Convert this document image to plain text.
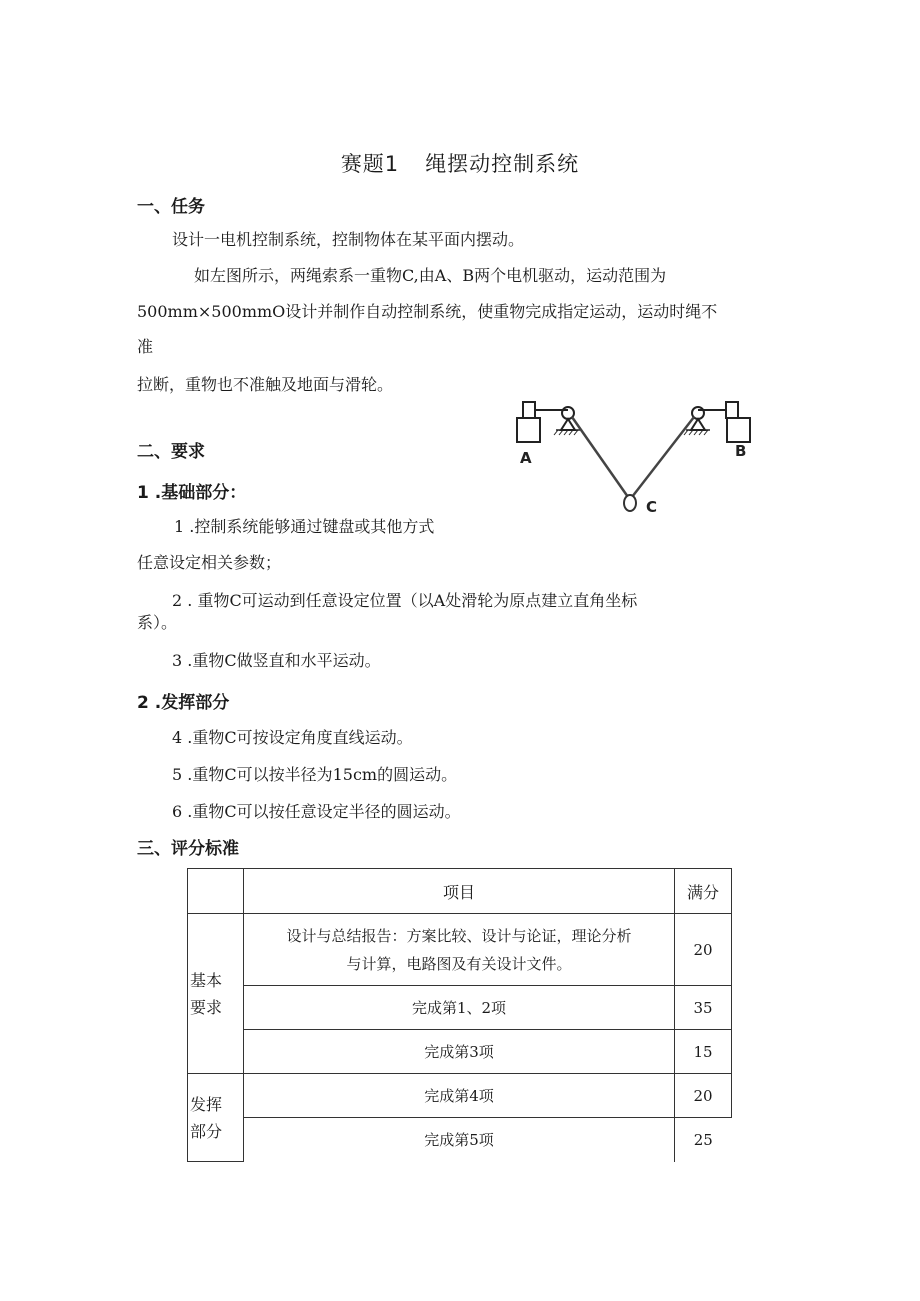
赛题1 绳摆动控制系统
一、任务
设计一电机控制系统，控制物体在某平面内摆动。
如左图所示，两绳索系一重物C,由A、B两个电机驱动，运动范围为
500mm×500mmO设计并制作自动控制系统，使重物完成指定运动，运动时绳不
准
拉断，重物也不准触及地面与滑轮。
A	B
C
二、要求
1 .基础部分：
1 .控制系统能够通过键盘或其他方式
任意设定相关参数；
2 . 重物C可运动到任意设定位置（以A处滑轮为原点建立直角坐标
系）。
3 .重物C做竖直和水平运动。
2 .发挥部分
4 .重物C可按设定角度直线运动。
5 .重物C可以按半径为15cm的圆运动。
6 .重物C可以按任意设定半径的圆运动。
三、评分标准
	项目	满分
基本
要求	设计与总结报告：方案比较、设计与论证，理论分析
与计算，电路图及有关设计文件。	20
	完成第1、2项	35
	完成第3项	15
发挥
部分	完成第4项	20
	完成第5项	25
